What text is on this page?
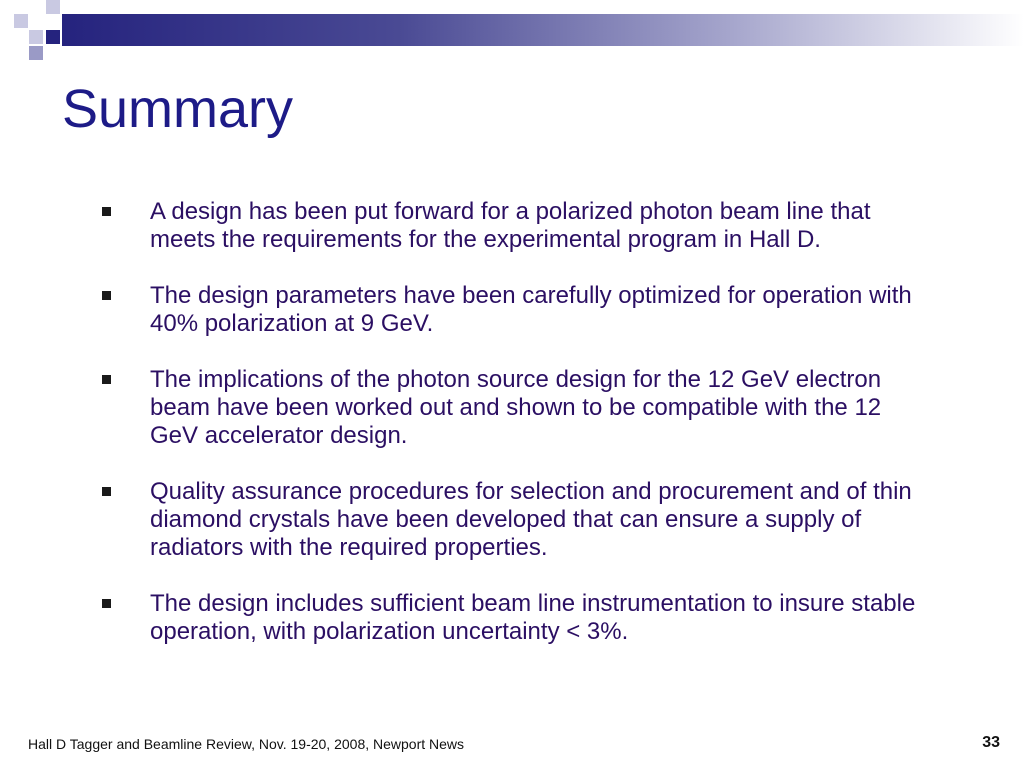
Summary
A design has been put forward for a polarized photon beam line that meets the requirements for the experimental program in Hall D.
The design parameters have been carefully optimized for operation with 40% polarization at 9 GeV.
The implications of the photon source design for the 12 GeV electron beam have been worked out and shown to be compatible with the 12 GeV accelerator design.
Quality assurance procedures for selection and procurement and of thin diamond crystals have been developed that can ensure a supply of radiators with the required properties.
The design includes sufficient beam line instrumentation to insure stable operation, with polarization uncertainty < 3%.
Hall D Tagger and Beamline Review, Nov. 19-20, 2008, Newport News	33
